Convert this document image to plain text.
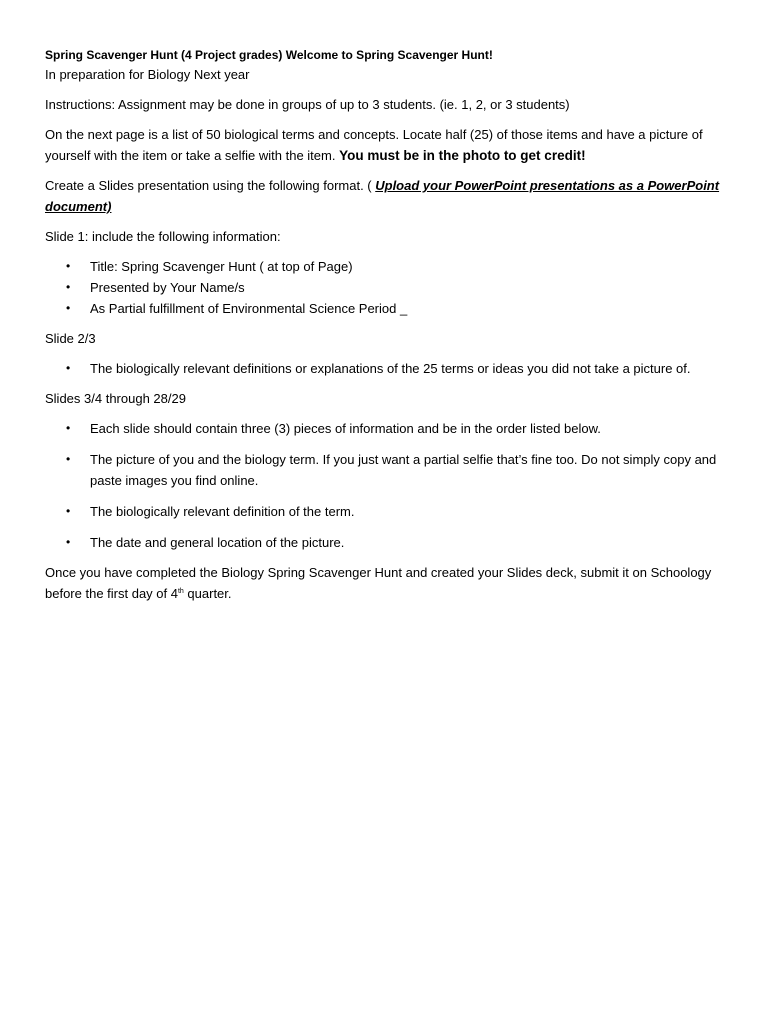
Spring Scavenger Hunt (4 Project grades) Welcome to Spring Scavenger Hunt!

In preparation for Biology Next year

Instructions: Assignment may be done in groups of up to 3 students. (ie. 1, 2, or 3 students)

On the next page is a list of 50 biological terms and concepts. Locate half (25) of those items and have a picture of yourself with the item or take a selfie with the item. You must be in the photo to get credit!

Create a Slides presentation using the following format. ( Upload your PowerPoint presentations as a PowerPoint document)

Slide 1: include the following information:

• Title: Spring Scavenger Hunt ( at top of Page)
• Presented by Your Name/s
• As Partial fulfillment of Environmental Science Period _

Slide 2/3

• The biologically relevant definitions or explanations of the 25 terms or ideas you did not take a picture of.

Slides 3/4 through 28/29

• Each slide should contain three (3) pieces of information and be in the order listed below.
• The picture of you and the biology term. If you just want a partial selfie that’s fine too. Do not simply copy and paste images you find online.
• The biologically relevant definition of the term.
• The date and general location of the picture.

Once you have completed the Biology Spring Scavenger Hunt and created your Slides deck, submit it on Schoology before the first day of 4th quarter.
